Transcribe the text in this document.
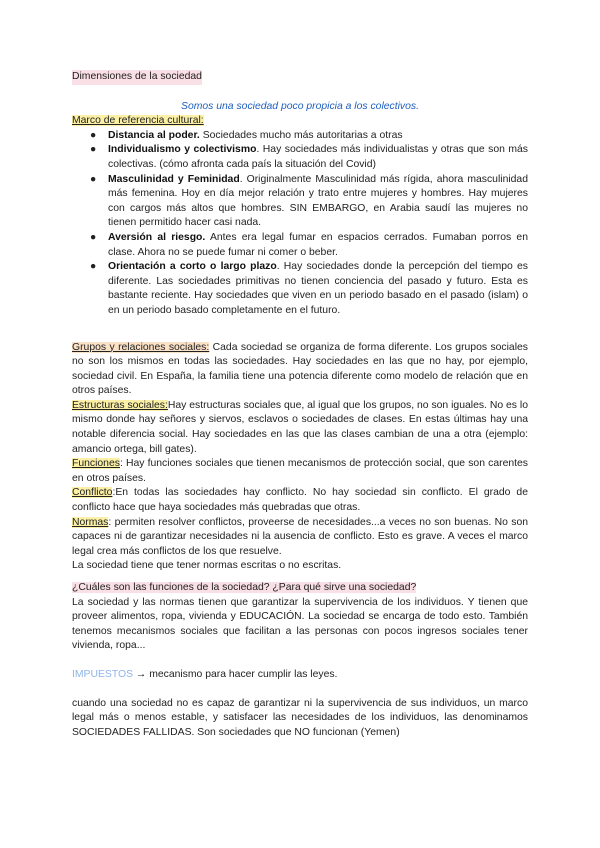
Dimensiones de la sociedad

Somos una sociedad poco propicia a los colectivos.

Marco de referencia cultural:

● Distancia al poder. Sociedades mucho más autoritarias a otras
● Individualismo y colectivismo. Hay sociedades más individualistas y otras que son más colectivas. (cómo afronta cada país la situación del Covid)
● Masculinidad y Feminidad. Originalmente Masculinidad más rígida, ahora masculinidad más femenina. Hoy en día mejor relación y trato entre mujeres y hombres. Hay mujeres con cargos más altos que hombres. SIN EMBARGO, en Arabia saudí las mujeres no tienen permitido hacer casi nada.
● Aversión al riesgo. Antes era legal fumar en espacios cerrados. Fumaban porros en clase. Ahora no se puede fumar ni comer o beber.
● Orientación a corto o largo plazo. Hay sociedades donde la percepción del tiempo es diferente. Las sociedades primitivas no tienen conciencia del pasado y futuro. Esta es bastante reciente. Hay sociedades que viven en un periodo basado en el pasado (islam) o en un periodo basado completamente en el futuro.

Grupos y relaciones sociales: Cada sociedad se organiza de forma diferente. Los grupos sociales no son los mismos en todas las sociedades. Hay sociedades en las que no hay, por ejemplo, sociedad civil. En España, la familia tiene una potencia diferente como modelo de relación que en otros países.

Estructuras sociales:Hay estructuras sociales que, al igual que los grupos, no son iguales. No es lo mismo donde hay señores y siervos, esclavos o sociedades de clases. En estas últimas hay una notable diferencia social. Hay sociedades en las que las clases cambian de una a otra (ejemplo: amancio ortega, bill gates).

Funciones: Hay funciones sociales que tienen mecanismos de protección social, que son carentes en otros países.

Conflicto:En todas las sociedades hay conflicto. No hay sociedad sin conflicto. El grado de conflicto hace que haya sociedades más quebradas que otras.

Normas: permiten resolver conflictos, proveerse de necesidades...a veces no son buenas. No son capaces ni de garantizar necesidades ni la ausencia de conflicto. Esto es grave. A veces el marco legal crea más conflictos de los que resuelve.

La sociedad tiene que tener normas escritas o no escritas.

¿Cuáles son las funciones de la sociedad? ¿Para qué sirve una sociedad?

La sociedad y las normas tienen que garantizar la supervivencia de los individuos. Y tienen que proveer alimentos, ropa, vivienda y EDUCACIÓN. La sociedad se encarga de todo esto. También tenemos mecanismos sociales que facilitan a las personas con pocos ingresos sociales tener vivienda, ropa...

IMPUESTOS → mecanismo para hacer cumplir las leyes.

cuando una sociedad no es capaz de garantizar ni la supervivencia de sus individuos, un marco legal más o menos estable, y satisfacer las necesidades de los individuos, las denominamos SOCIEDADES FALLIDAS. Son sociedades que NO funcionan (Yemen)
